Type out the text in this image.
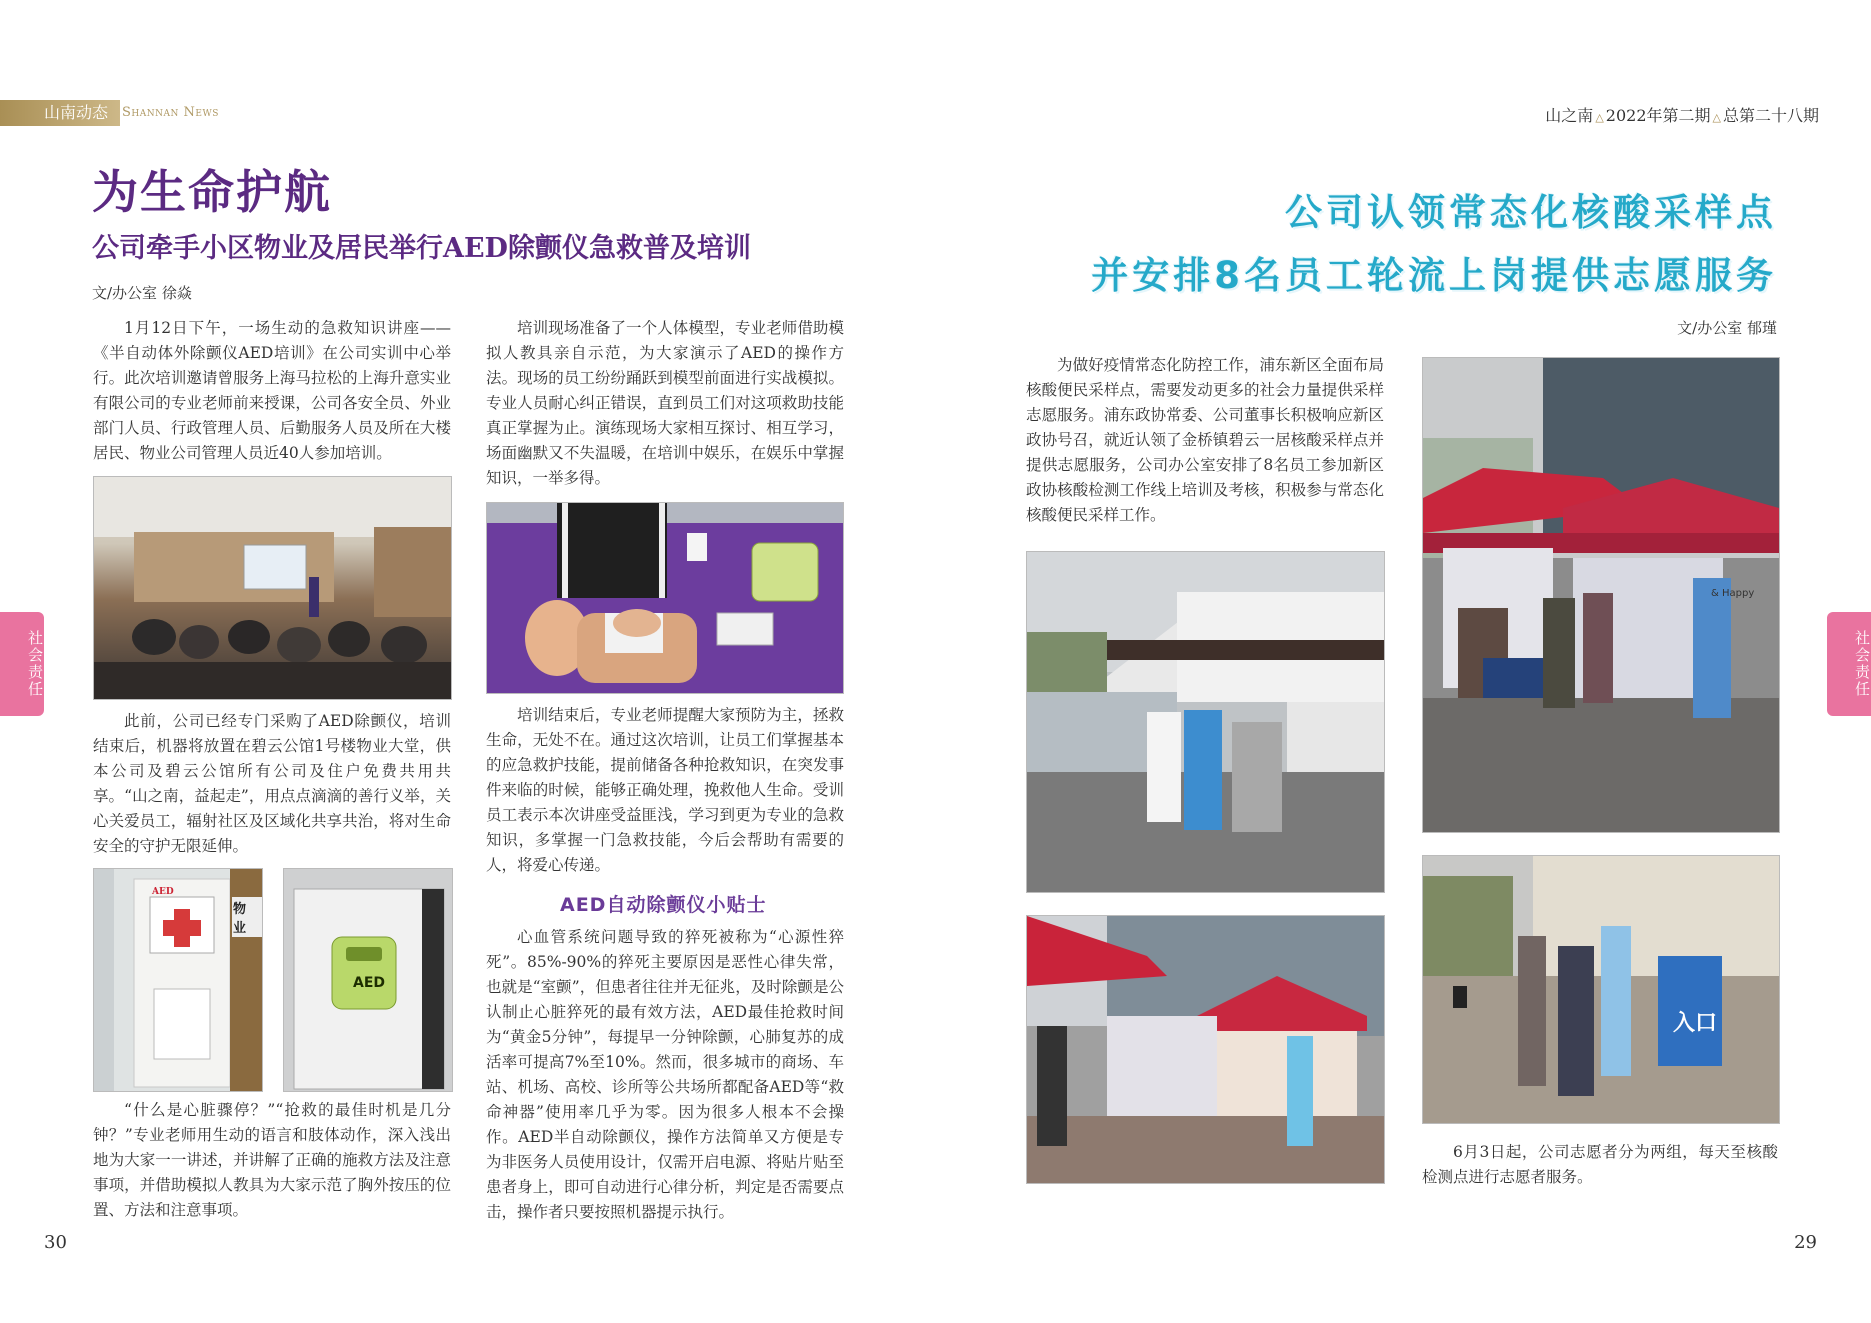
山南动态	Shannan News	山之南 △ 2022年第二期 △ 总第二十八期
社会责任	社会责任
30	29
为生命护航
公司牵手小区物业及居民举行AED除颤仪急救普及培训
文/办公室 徐焱

1月12日下午，一场生动的急救知识讲座——《半自动体外除颤仪AED培训》在公司实训中心举行。此次培训邀请曾服务上海马拉松的上海升意实业有限公司的专业老师前来授课，公司各安全员、外业部门人员、行政管理人员、后勤服务人员及所在大楼居民、物业公司管理人员近40人参加培训。

此前，公司已经专门采购了AED除颤仪，培训结束后，机器将放置在碧云公馆1号楼物业大堂，供本公司及碧云公馆所有公司及住户免费共用共享。“山之南，益起走”，用点点滴滴的善行义举，关心关爱员工，辐射社区及区域化共享共治，将对生命安全的守护无限延伸。

AED
物 业
AED

“什么是心脏骤停？”“抢救的最佳时机是几分钟？”专业老师用生动的语言和肢体动作，深入浅出地为大家一一讲述，并讲解了正确的施救方法及注意事项，并借助模拟人教具为大家示范了胸外按压的位置、方法和注意事项。

培训现场准备了一个人体模型，专业老师借助模拟人教具亲自示范，为大家演示了AED的操作方法。现场的员工纷纷踊跃到模型前面进行实战模拟。专业人员耐心纠正错误，直到员工们对这项救助技能真正掌握为止。演练现场大家相互探讨、相互学习，场面幽默又不失温暖，在培训中娱乐，在娱乐中掌握知识，一举多得。

培训结束后，专业老师提醒大家预防为主，拯救生命，无处不在。通过这次培训，让员工们掌握基本的应急救护技能，提前储备各种抢救知识，在突发事件来临的时候，能够正确处理，挽救他人生命。受训员工表示本次讲座受益匪浅，学习到更为专业的急救知识，多掌握一门急救技能，今后会帮助有需要的人，将爱心传递。

AED自动除颤仪小贴士

心血管系统问题导致的猝死被称为“心源性猝死”。85%-90%的猝死主要原因是恶性心律失常，也就是“室颤”，但患者往往并无征兆，及时除颤是公认制止心脏猝死的最有效方法，AED最佳抢救时间为“黄金5分钟”，每提早一分钟除颤，心肺复苏的成活率可提高7%至10%。然而，很多城市的商场、车站、机场、高校、诊所等公共场所都配备AED等“救命神器”使用率几乎为零。因为很多人根本不会操作。AED半自动除颤仪，操作方法简单又方便是专为非医务人员使用设计，仅需开启电源、将贴片贴至患者身上，即可自动进行心律分析，判定是否需要点击，操作者只要按照机器提示执行。

公司认领常态化核酸采样点
并安排8名员工轮流上岗提供志愿服务
文/办公室 郁瑾

为做好疫情常态化防控工作，浦东新区全面布局核酸便民采样点，需要发动更多的社会力量提供采样志愿服务。浦东政协常委、公司董事长积极响应新区政协号召，就近认领了金桥镇碧云一居核酸采样点并提供志愿服务，公司办公室安排了8名员工参加新区政协核酸检测工作线上培训及考核，积极参与常态化核酸便民采样工作。

& Happy
入口

6月3日起，公司志愿者分为两组，每天至核酸检测点进行志愿者服务。
